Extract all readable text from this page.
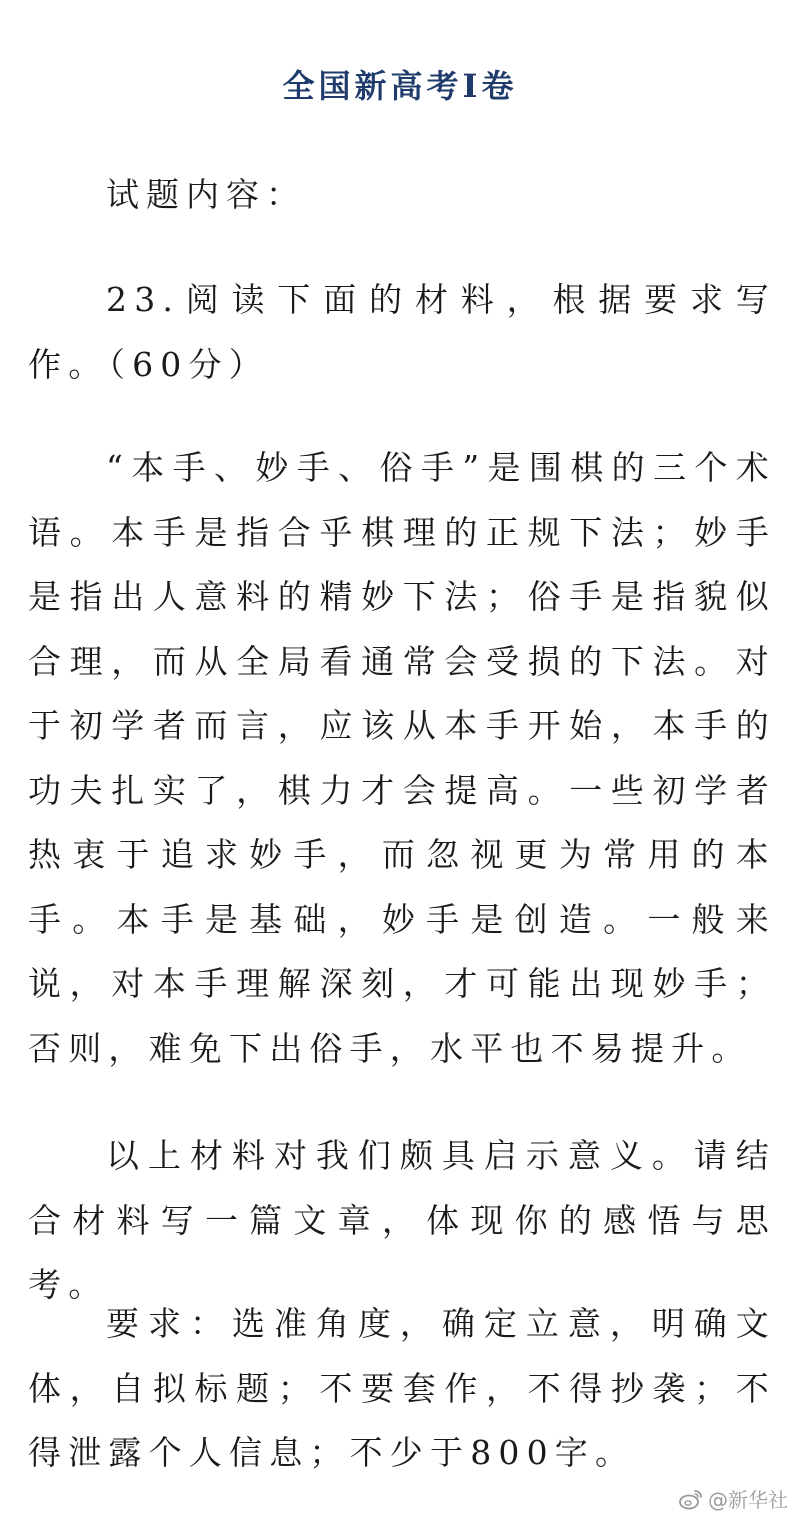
全国新高考Ⅰ卷
试题内容：

23.阅读下面的材料，根据要求写作。（60分）

“本手、妙手、俗手”是围棋的三个术语。本手是指合乎棋理的正规下法；妙手是指出人意料的精妙下法；俗手是指貌似合理，而从全局看通常会受损的下法。对于初学者而言，应该从本手开始，本手的功夫扎实了，棋力才会提高。一些初学者热衷于追求妙手，而忽视更为常用的本手。本手是基础，妙手是创造。一般来说，对本手理解深刻，才可能出现妙手；否则，难免下出俗手，水平也不易提升。

以上材料对我们颇具启示意义。请结合材料写一篇文章，体现你的感悟与思考。

要求：选准角度，确定立意，明确文体，自拟标题；不要套作，不得抄袭；不得泄露个人信息；不少于800字。

@新华社
